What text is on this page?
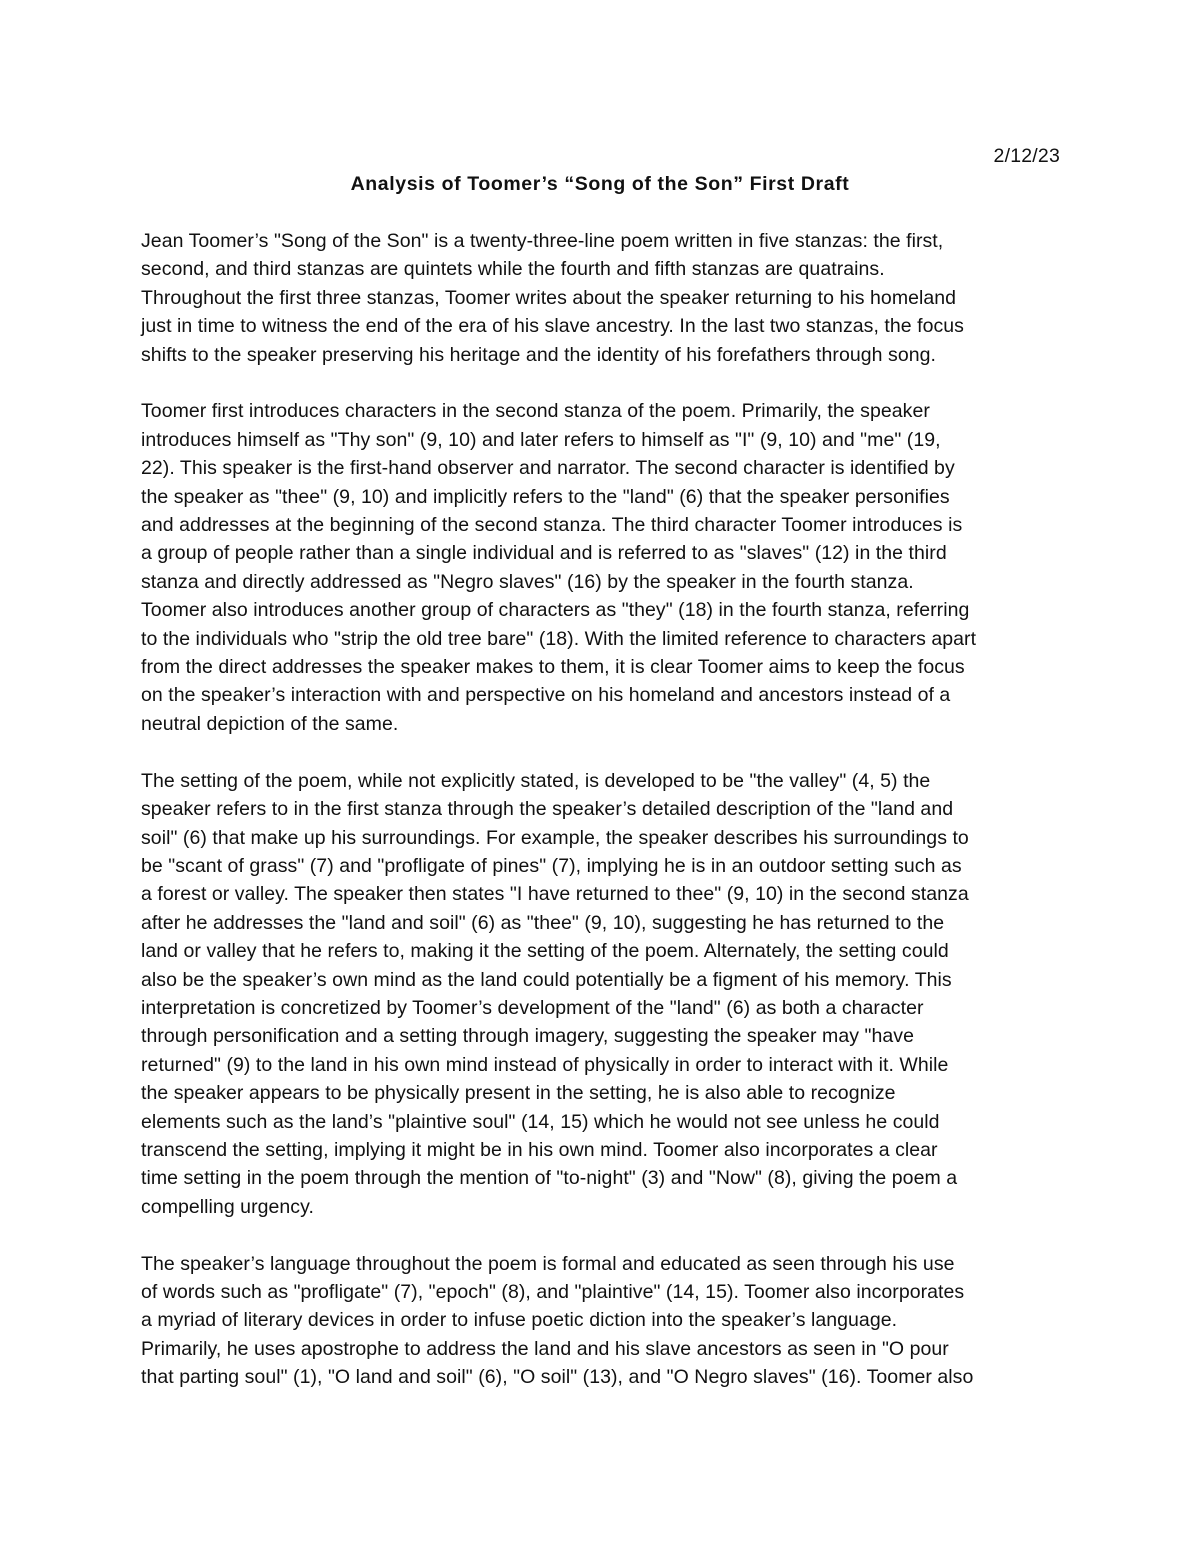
2/12/23
Analysis of Toomer’s “Song of the Son” First Draft
Jean Toomer’s "Song of the Son" is a twenty-three-line poem written in five stanzas: the first,
second, and third stanzas are quintets while the fourth and fifth stanzas are quatrains.
Throughout the first three stanzas, Toomer writes about the speaker returning to his homeland
just in time to witness the end of the era of his slave ancestry. In the last two stanzas, the focus
shifts to the speaker preserving his heritage and the identity of his forefathers through song.
Toomer first introduces characters in the second stanza of the poem. Primarily, the speaker
introduces himself as "Thy son" (9, 10) and later refers to himself as "I" (9, 10) and "me" (19,
22). This speaker is the first-hand observer and narrator. The second character is identified by
the speaker as "thee" (9, 10) and implicitly refers to the "land" (6) that the speaker personifies
and addresses at the beginning of the second stanza. The third character Toomer introduces is
a group of people rather than a single individual and is referred to as "slaves" (12) in the third
stanza and directly addressed as "Negro slaves" (16) by the speaker in the fourth stanza.
Toomer also introduces another group of characters as "they" (18) in the fourth stanza, referring
to the individuals who "strip the old tree bare" (18). With the limited reference to characters apart
from the direct addresses the speaker makes to them, it is clear Toomer aims to keep the focus
on the speaker’s interaction with and perspective on his homeland and ancestors instead of a
neutral depiction of the same.
The setting of the poem, while not explicitly stated, is developed to be "the valley" (4, 5) the
speaker refers to in the first stanza through the speaker’s detailed description of the "land and
soil" (6) that make up his surroundings. For example, the speaker describes his surroundings to
be "scant of grass" (7) and "profligate of pines" (7), implying he is in an outdoor setting such as
a forest or valley. The speaker then states "I have returned to thee" (9, 10) in the second stanza
after he addresses the "land and soil" (6) as "thee" (9, 10), suggesting he has returned to the
land or valley that he refers to, making it the setting of the poem. Alternately, the setting could
also be the speaker’s own mind as the land could potentially be a figment of his memory. This
interpretation is concretized by Toomer’s development of the "land" (6) as both a character
through personification and a setting through imagery, suggesting the speaker may "have
returned" (9) to the land in his own mind instead of physically in order to interact with it. While
the speaker appears to be physically present in the setting, he is also able to recognize
elements such as the land’s "plaintive soul" (14, 15) which he would not see unless he could
transcend the setting, implying it might be in his own mind. Toomer also incorporates a clear
time setting in the poem through the mention of "to-night" (3) and "Now" (8), giving the poem a
compelling urgency.
The speaker’s language throughout the poem is formal and educated as seen through his use
of words such as "profligate" (7), "epoch" (8), and "plaintive" (14, 15). Toomer also incorporates
a myriad of literary devices in order to infuse poetic diction into the speaker’s language.
Primarily, he uses apostrophe to address the land and his slave ancestors as seen in "O pour
that parting soul" (1), "O land and soil" (6), "O soil" (13), and "O Negro slaves" (16). Toomer also
